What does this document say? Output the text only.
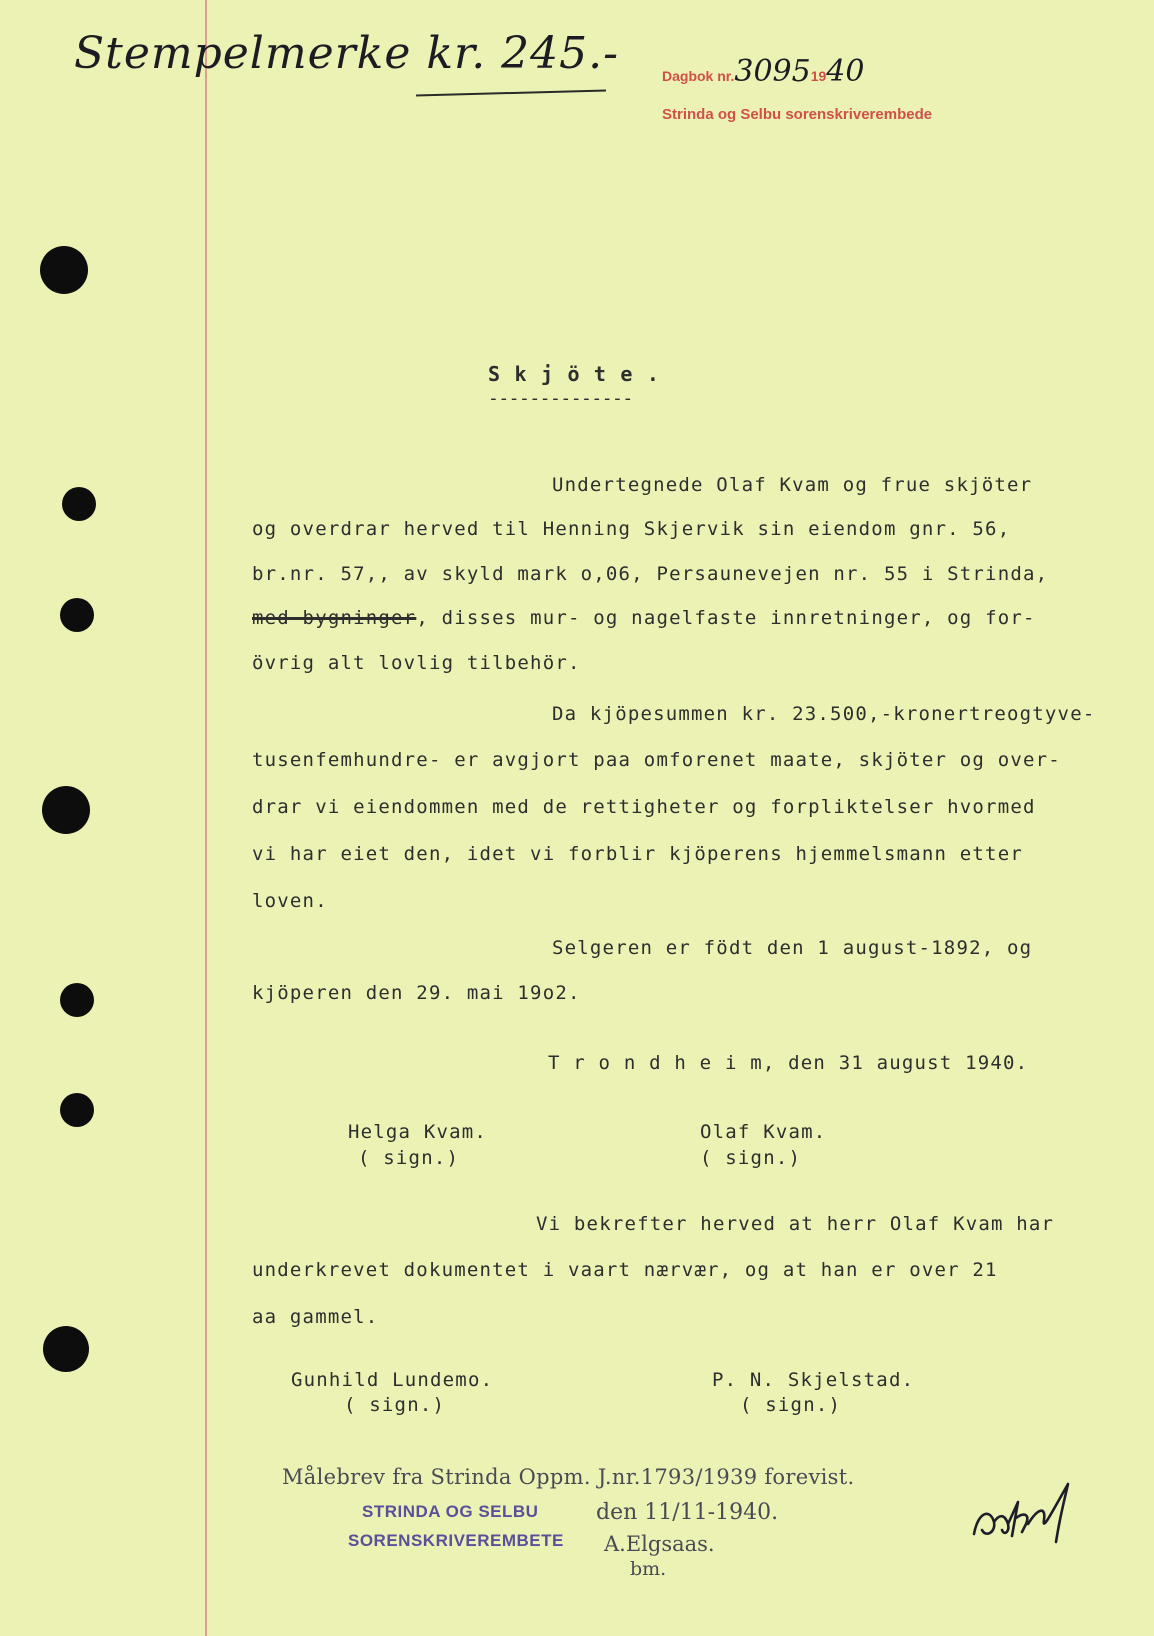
Stempelmerke kr. 245.-	Dagbok nr.30951940
Strinda og Selbu sorenskriverembede
S k j ö t e .
--------------
Undertegnede Olaf Kvam og frue skjöter
og overdrar herved til Henning Skjervik sin eiendom gnr. 56,
br.nr. 57,, av skyld mark o,06, Persaunevejen nr. 55 i Strinda,
med bygninger, disses mur- og nagelfaste innretninger, og for-
övrig alt lovlig tilbehör.
Da kjöpesummen kr. 23.500,-kronertreogtyve-
tusenfemhundre- er avgjort paa omforenet maate, skjöter og over-
drar vi eiendommen med de rettigheter og forpliktelser hvormed
vi har eiet den, idet vi forblir kjöperens hjemmelsmann etter
loven.
Selgeren er födt den 1 august-1892, og
kjöperen den 29. mai 19o2.
T r o n d h e i m, den 31 august 1940.
Helga Kvam.
( sign.)
Olaf Kvam.
( sign.)
Vi bekrefter herved at herr Olaf Kvam har
underkrevet dokumentet i vaart nærvær, og at han er over 21
aa gammel.
Gunhild Lundemo.
( sign.)
P. N. Skjelstad.
( sign.)
Målebrev fra Strinda Oppm. J.nr.1793/1939 forevist.
STRINDA OG SELBU
SORENSKRIVEREMBETE
den 11/11-1940.
A.Elgsaas.
bm.
